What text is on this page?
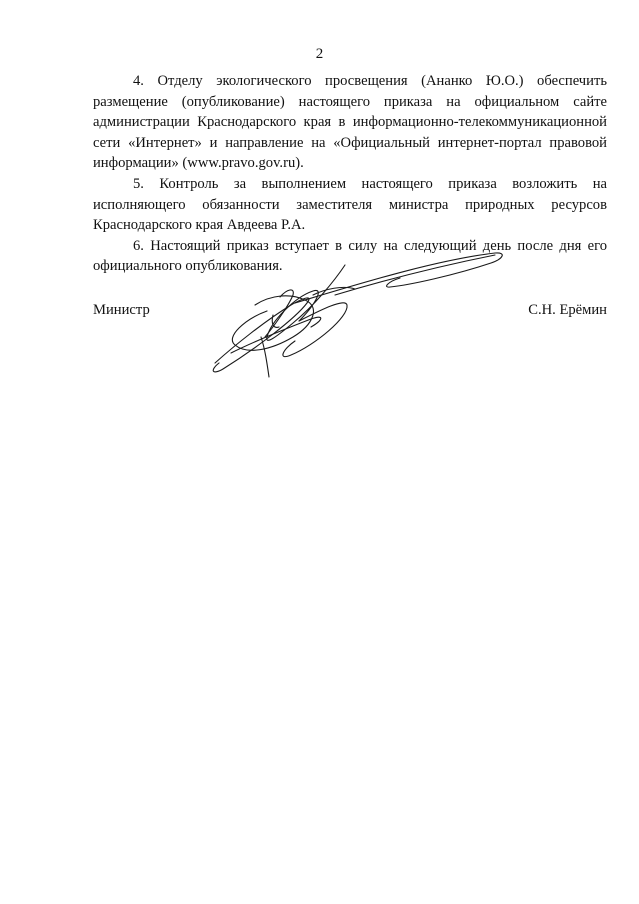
2

4. Отделу экологического просвещения (Ананко Ю.О.) обеспечить размещение (опубликование) настоящего приказа на официальном сайте администрации Краснодарского края в информационно-телекоммуникационной сети «Интернет» и направление на «Официальный интернет-портал правовой информации» (www.pravo.gov.ru).

5. Контроль за выполнением настоящего приказа возложить на исполняющего обязанности заместителя министра природных ресурсов Краснодарского края Авдеева Р.А.

6. Настоящий приказ вступает в силу на следующий день после дня его официального опубликования.

Министр	С.Н. Ерёмин
